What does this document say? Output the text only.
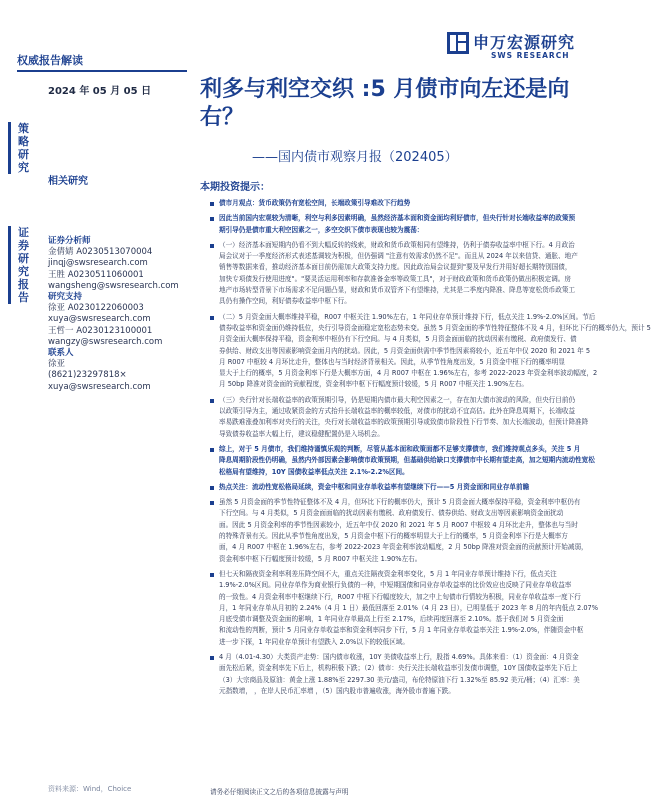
权威报告解读
2024 年 05 月 05 日
申万宏源研究
SWS RESEARCH
策
略
研
究
证
券
研
究
报
告
相关研究
证券分析师
金倩婧 A0230513070004
jinqj@swsresearch.com
王胜 A0230511060001
wangsheng@swsresearch.com
研究支持
徐亚 A0230122060003
xuya@swsresearch.com
王哲一 A0230123100001
wangzy@swsresearch.com
联系人
徐亚
(8621)23297818×
xuya@swsresearch.com
利多与利空交织 :5 月债市向左还是向右？
——国内债市观察月报（202405）
本期投资提示：
债市月观点：货币政策仍有宽松空间，长端政策引导难改下行趋势
因此当前国内宏观较为清晰，利空与利多因素明确，虽然经济基本面和资金面均利好债市，但央行针对长端收益率的政策预
期引导仍是债市重大利空因素之一，多空交织下债市表现也较为震荡：
（一）经济基本面短期内仍看不到大幅反转的线索，财政和货币政策相同有望维持，仍利于债券收益率中枢下行。4 月政治
局会议对于一季度经济形式表述基调较为积极，但仍强调 "注意有效需求仍然不足"。而且从 2024 年以来信贷、通胀、地产
销售等数据来看，推动经济基本面目前仍需加大政策支持力度。因此政治局会议提到"要及早发行并用好超长期特别国债，
加快专项债发行使用进度"。"要灵活运用利率和存款准备金率等政策工具"，对于财政政策和货币政策仍做出积极定调。房
地产市场转型背景下市场需求不足问题凸显，财政和货币双管齐下有望维持，尤其是二季度内降准、降息等宽松货币政策工
具仍有操作空间，利好债券收益率中枢下行。
（二）5 月资金面大概率维持平稳，R007 中枢关注 1.90%左右，1 年同业存单预计维持下行，低点关注 1.9%-2.0%区间。节后
债券收益率和资金面仍维持低位，央行引导资金面稳定宽松态势未变。虽然 5 月资金面的季节性特征整体不及 4 月，但环比下行的概率仍大，预计 5
月资金面大概率保持平稳，资金利率中枢仍有下行空间。与 4 月类似，5 月资金面面临的扰动因素有缴税、政府债发行、债
券供给、财政支出等因素影响资金面月内的扰动。因此，5 月资金面供需中季节性因素将较小，近五年中仅 2020 和 2021 年 5
月 R007 中枢较 4 月环比走升，整体也与当时经济背景相关。因此，从季节性角度出发，5 月资金中枢下行的概率明显
显大于上行的概率，5 月资金利率下行是大概率方面，4 月 R007 中枢在 1.96%左右，参考 2022-2023 年资金利率波动幅度，2
月 50bp 降准对资金面的贡献程度，资金利率中枢下行幅度预计较缓，5 月 R007 中枢关注 1.90%左右。
（三）央行针对长端收益率的政策预期引导，仍是短期内债市最大利空因素之一，存在加大债市波动的风险，但央行目前仍
以政策引导为主，通过收紧资金的方式抬升长端收益率的概率较低，对债市的扰动不宜高估。此外在降息周期下，长端收益
率易跌难涨叠加利率对央行的关注，央行对长端收益率的政策预期引导或致债市阶段性下行节奏、加大长端波动，但预计降准降
导致债券收益率大幅上行，建议稳健配置仍是入场机会。
综上，对于 5 月债市，我们维持谨慎乐观的判断，尽管从基本面和政策面都不足够支撑债市，我们维持观点多头，关注 5 月
降息周期阶段性仍明确，虽然内外部因素会影响债市政策预期，但基础供给缺口支撑债市中长期有望走高，加之短期内流动性宽松
松格局有望维持，10Y 国债收益率低点关注 2.1%-2.2%区间。
热点关注：流动性宽松格局延续，资金中枢和同业存单收益率有望继续下行——5 月资金面和同业存单前瞻
虽然 5 月资金面的季节性特征整体不及 4 月，但环比下行的概率仍大，预计 5 月资金面大概率保持平稳，资金利率中枢仍有
下行空间。与 4 月类似，5 月资金面面临的扰动因素有缴税、政府债发行、债券供给、财政支出等因素影响资金面扰动
面。因此 5 月资金利率的季节性因素较小，近五年中仅 2020 和 2021 年 5 月 R007 中枢较 4 月环比走升，整体也与当时
的特殊背景有关。因此从季节性角度出发，5 月资金中枢下行的概率明显大于上行的概率，5 月资金利率下行是大概率方
面，4 月 R007 中枢在 1.96%左右，参考 2022-2023 年资金利率波动幅度，2 月 50bp 降准对资金面的贡献预计开始减弱，
资金利率中枢下行幅度预计较缓，5 月 R007 中枢关注 1.90%左右。
但七天和隔夜资金利率利差压降空间不大，重点关注隔夜资金利率变化，5 月 1 年同业存单预计维持下行，低点关注
1.9%-2.0%区间。同业存单作为商业银行负债的一种，中短期国债和同业存单收益率的比价效应也反映了同业存单收益率
的一致性。4 月资金利率中枢继续下行，R007 中枢下行幅度较大，加之中上旬债市行情较为积极，同业存单收益率一度下行
月，1 年同业存单从月初的 2.24%（4 月 1 日）最低回落至 2.01%（4 月 23 日），已明显低于 2023 年 8 月的年内低点 2.07%
月底受债市调整及资金面的影响，1 年同业存单最高上行至 2.17%，后续再度回落至 2.10%。基于我们对 5 月资金面
和流动性的判断，预计 5 月同业存单收益率和资金利率同步下行，5 月 1 年同业存单收益率关注 1.9%-2.0%，伴随资金中枢
进一步下探，1 年同业存单预计有望跌入 2.0%以下的较低区域。
4 月（4.01-4.30）大类资产走势：国内债市收涨，10Y 美债收益率上行，股指 4.69%。具体来看：（1）资金面：4 月资金
面先松后紧，资金利率先下后上，机构积极下跌；（2）债市：央行关注长端收益率引发债市调整，10Y 国债收益率先下后上
（3）大宗商品及原油：黄金上涨 1.88%至 2297.30 美元/盎司，布伦特原油下行 1.32%至 85.92 美元/桶；（4）汇率：美
元指数增， ，在岸人民币汇率增 ，（5）国内股市普遍收涨，海外股市普遍下跌。
资料来源：Wind，Choice	请务必仔细阅读正文之后的各项信息披露与声明
